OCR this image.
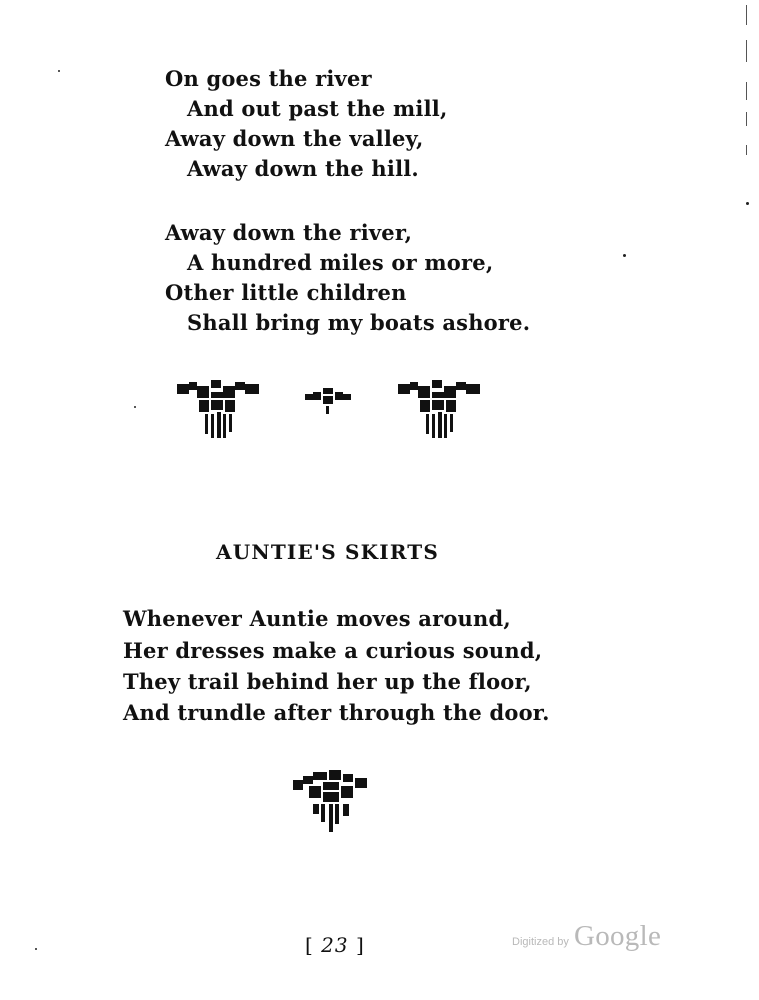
On goes the river
And out past the mill,
Away down the valley,
Away down the hill.
Away down the river,
A hundred miles or more,
Other little children
Shall bring my boats ashore.
AUNTIE'S SKIRTS
Whenever Auntie moves around,
Her dresses make a curious sound,
They trail behind her up the floor,
And trundle after through the door.
[ 23 ]	Digitized by Google
